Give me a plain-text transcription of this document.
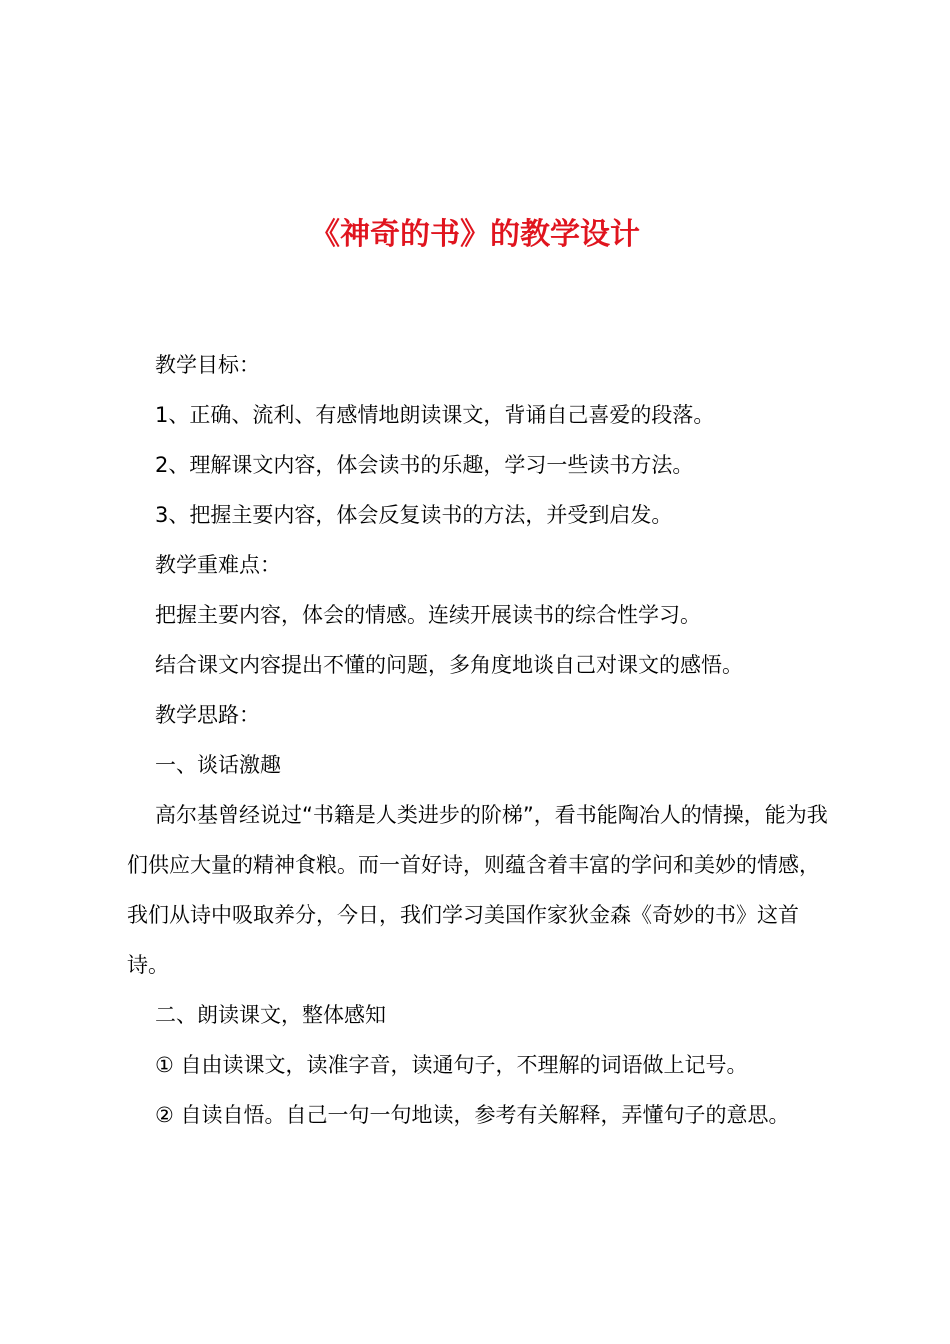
《神奇的书》的教学设计

教学目标：

1、正确、流利、有感情地朗读课文，背诵自己喜爱的段落。

2、理解课文内容，体会读书的乐趣，学习一些读书方法。

3、把握主要内容，体会反复读书的方法，并受到启发。

教学重难点：

把握主要内容，体会的情感。连续开展读书的综合性学习。

结合课文内容提出不懂的问题，多角度地谈自己对课文的感悟。

教学思路：

一、谈话激趣

高尔基曾经说过“书籍是人类进步的阶梯”，看书能陶冶人的情操，能为我们供应大量的精神食粮。而一首好诗，则蕴含着丰富的学问和美妙的情感，我们从诗中吸取养分，今日，我们学习美国作家狄金森《奇妙的书》这首诗。

二、朗读课文，整体感知

① 自由读课文，读准字音，读通句子，不理解的词语做上记号。

② 自读自悟。自己一句一句地读，参考有关解释，弄懂句子的意思。
